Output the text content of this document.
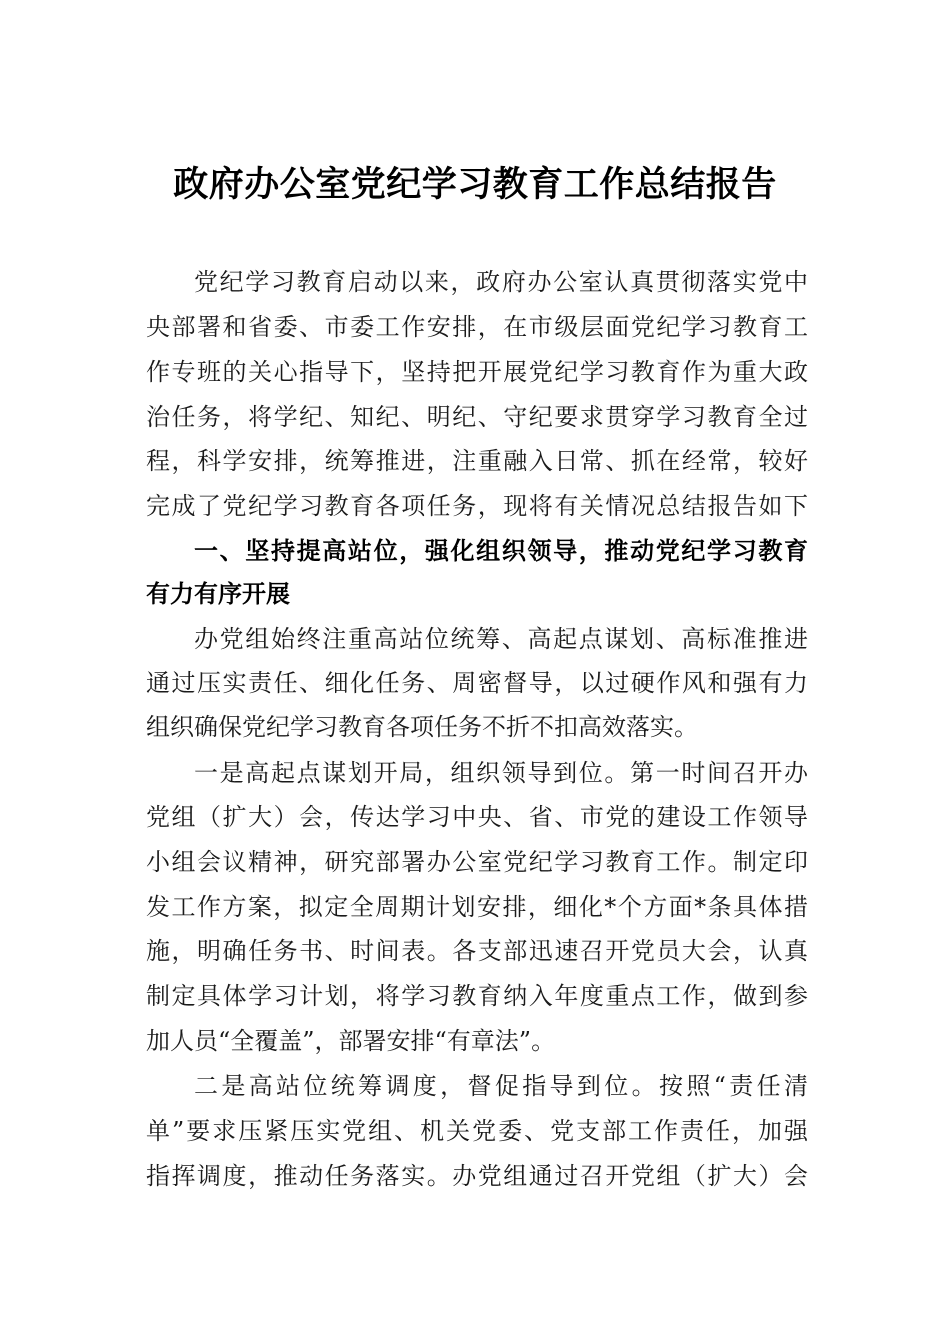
政府办公室党纪学习教育工作总结报告
党纪学习教育启动以来，政府办公室认真贯彻落实党中
央部署和省委、市委工作安排，在市级层面党纪学习教育工
作专班的关心指导下，坚持把开展党纪学习教育作为重大政
治任务，将学纪、知纪、明纪、守纪要求贯穿学习教育全过
程，科学安排，统筹推进，注重融入日常、抓在经常，较好
完成了党纪学习教育各项任务，现将有关情况总结报告如下
一、坚持提高站位，强化组织领导，推动党纪学习教育
有力有序开展
办党组始终注重高站位统筹、高起点谋划、高标准推进
通过压实责任、细化任务、周密督导，以过硬作风和强有力
组织确保党纪学习教育各项任务不折不扣高效落实。
一是高起点谋划开局，组织领导到位。第一时间召开办
党组（扩大）会，传达学习中央、省、市党的建设工作领导
小组会议精神，研究部署办公室党纪学习教育工作。制定印
发工作方案，拟定全周期计划安排，细化*个方面*条具体措
施，明确任务书、时间表。各支部迅速召开党员大会，认真
制定具体学习计划，将学习教育纳入年度重点工作，做到参
加人员“全覆盖”，部署安排“有章法”。
二是高站位统筹调度，督促指导到位。按照“责任清
单”要求压紧压实党组、机关党委、党支部工作责任，加强
指挥调度，推动任务落实。办党组通过召开党组（扩大）会
